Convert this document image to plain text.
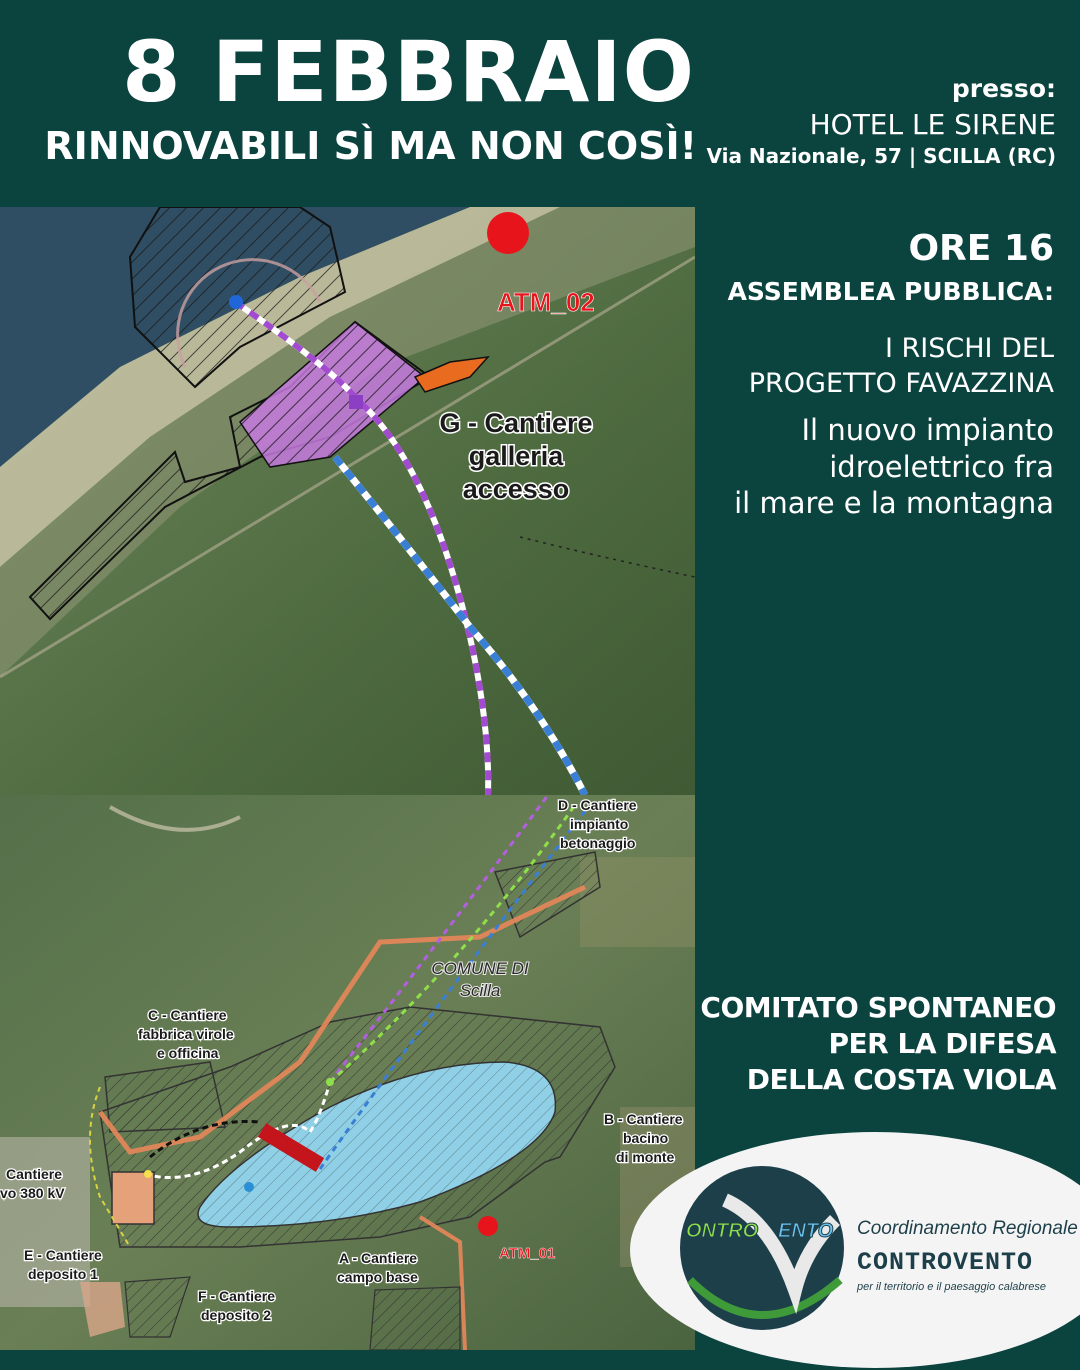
8 FEBBRAIO
RINNOVABILI SÌ MA NON COSÌ!
presso:
HOTEL LE SIRENE
Via Nazionale, 57 | SCILLA (RC)
ORE 16
ASSEMBLEA PUBBLICA:
I RISCHI DEL
PROGETTO FAVAZZINA
Il nuovo impianto
idroelettrico fra
il mare e la montagna
COMITATO SPONTANEO
PER LA DIFESA
DELLA COSTA VIOLA
ATM_02
G - Cantiere
galleria
accesso
D - Cantiere
impianto
betonaggio
C - Cantiere
fabbrica virole
e officina
B - Cantiere
bacino
di monte
Cantiere
vo 380 kV
E - Cantiere
deposito 1
A - Cantiere
campo base
F - Cantiere
deposito 2
COMUNE DI
Scilla
ATM_01
ONTRO ENTO Coordinamento Regionale
CONTROVENTO
per il territorio e il paesaggio calabrese
